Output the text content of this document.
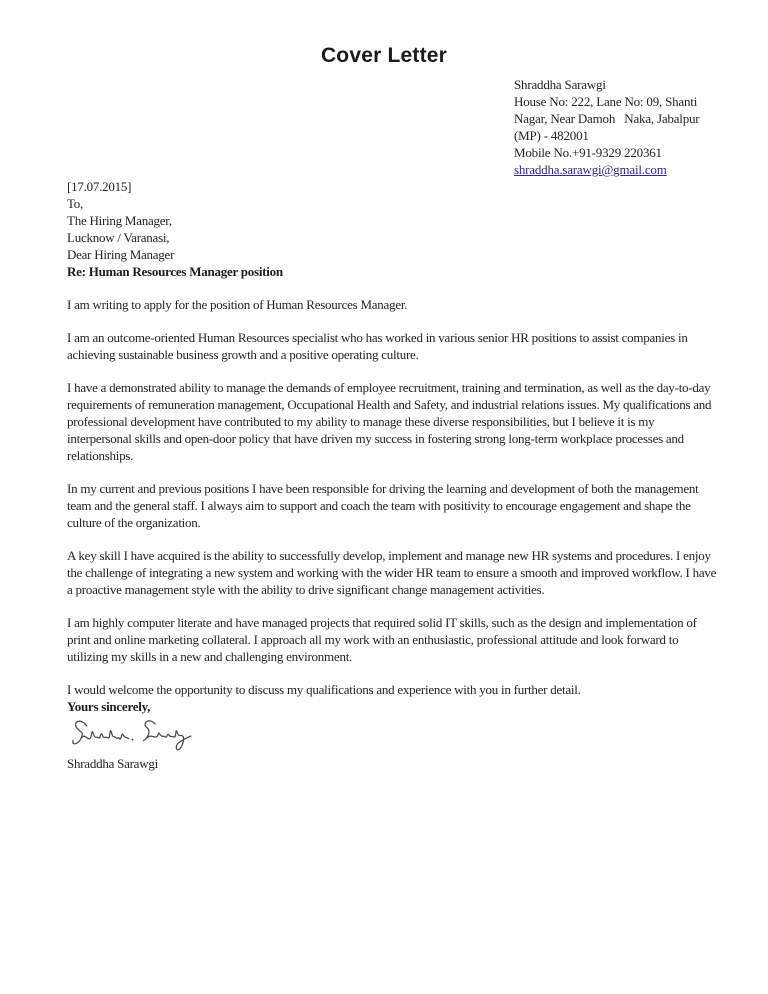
Cover Letter
Shraddha Sarawgi
House No: 222, Lane No: 09, Shanti
Nagar, Near Damoh   Naka, Jabalpur
(MP) - 482001
Mobile No.+91-9329 220361
shraddha.sarawgi@gmail.com
[17.07.2015]
To,
The Hiring Manager,
Lucknow / Varanasi,
Dear Hiring Manager
Re: Human Resources Manager position

I am writing to apply for the position of Human Resources Manager.

I am an outcome-oriented Human Resources specialist who has worked in various senior HR positions to assist companies in achieving sustainable business growth and a positive operating culture.

I have a demonstrated ability to manage the demands of employee recruitment, training and termination, as well as the day-to-day requirements of remuneration management, Occupational Health and Safety, and industrial relations issues. My qualifications and professional development have contributed to my ability to manage these diverse responsibilities, but I believe it is my interpersonal skills and open-door policy that have driven my success in fostering strong long-term workplace processes and relationships.

In my current and previous positions I have been responsible for driving the learning and development of both the management team and the general staff. I always aim to support and coach the team with positivity to encourage engagement and shape the culture of the organization.

A key skill I have acquired is the ability to successfully develop, implement and manage new HR systems and procedures. I enjoy the challenge of integrating a new system and working with the wider HR team to ensure a smooth and improved workflow. I have a proactive management style with the ability to drive significant change management activities.

I am highly computer literate and have managed projects that required solid IT skills, such as the design and implementation of print and online marketing collateral. I approach all my work with an enthusiastic, professional attitude and look forward to utilizing my skills in a new and challenging environment.

I would welcome the opportunity to discuss my qualifications and experience with you in further detail.

Yours sincerely,
Shraddha Sarawgi
